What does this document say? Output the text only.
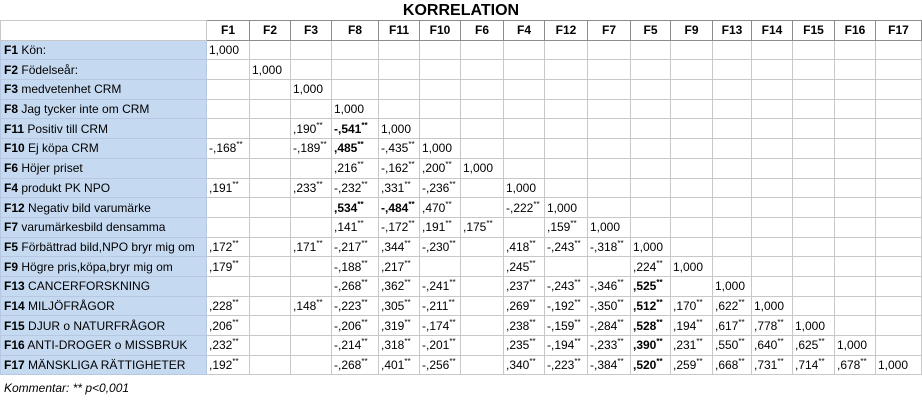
KORRELATION
	F1	F2	F3	F8	F11	F10	F6	F4	F12	F7	F5	F9	F13	F14	F15	F16	F17
F1 Kön:	1,000																
F2 Födelseår:		1,000															
F3 medvetenhet CRM			1,000														
F8 Jag tycker inte om CRM				1,000													
F11 Positiv till CRM			,190**	-,541**	1,000												
F10 Ej köpa CRM	-,168**		-,189**	,485**	-,435**	1,000											
F6 Höjer priset				,216**	-,162**	,200**	1,000										
F4 produkt PK NPO	,191**		,233**	-,232**	,331**	-,236**		1,000									
F12 Negativ bild varumärke				,534**	-,484**	,470**		-,222**	1,000								
F7 varumärkesbild densamma				,141**	-,172**	,191**	,175**		,159**	1,000							
F5 Förbättrad bild,NPO bryr mig om	,172**		,171**	-,217**	,344**	-,230**		,418**	-,243**	-,318**	1,000						
F9 Högre pris,köpa,bryr mig om	,179**			-,188**	,217**			,245**			,224**	1,000					
F13 CANCERFORSKNING				-,268**	,362**	-,241**		,237**	-,243**	-,346**	,525**		1,000				
F14 MILJÖFRÅGOR	,228**		,148**	-,223**	,305**	-,211**		,269**	-,192**	-,350**	,512**	,170**	,622**	1,000			
F15 DJUR o NATURFRÅGOR	,206**			-,206**	,319**	-,174**		,238**	-,159**	-,284**	,528**	,194**	,617**	,778**	1,000		
F16 ANTI-DROGER o MISSBRUK	,232**			-,214**	,318**	-,201**		,235**	-,194**	-,233**	,390**	,231**	,550**	,640**	,625**	1,000	
F17 MÄNSKLIGA RÄTTIGHETER	,192**			-,268**	,401**	-,256**		,340**	-,223**	-,384**	,520**	,259**	,668**	,731**	,714**	,678**	1,000
Kommentar: ** p<0,001
